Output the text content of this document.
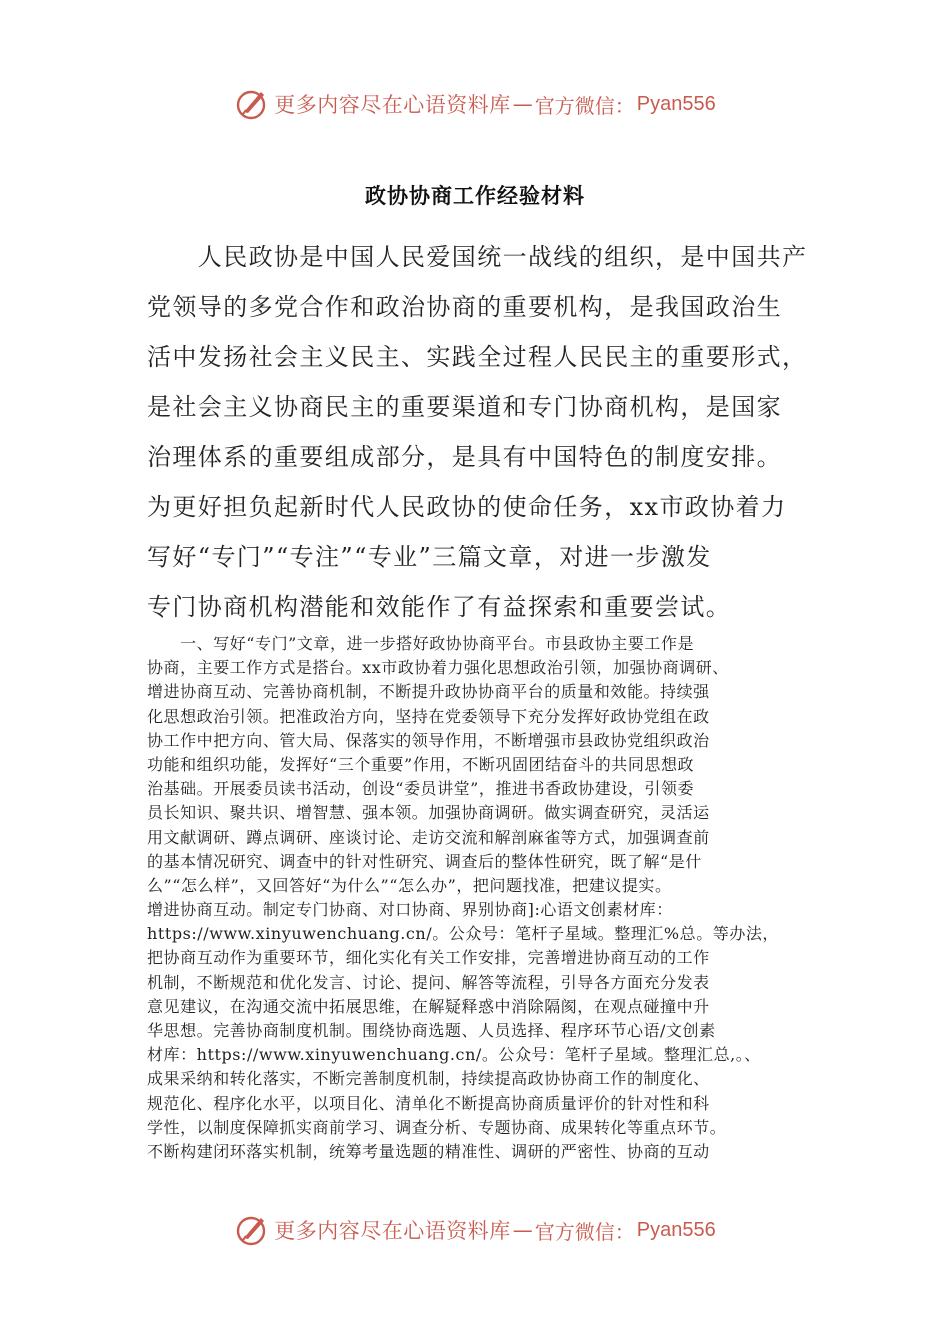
更多内容尽在心语资料库 — 官方微信： Pyan556
政协协商工作经验材料
　　人民政协是中国人民爱国统一战线的组织，是中国共产
党领导的多党合作和政治协商的重要机构，是我国政治生
活中发扬社会主义民主、实践全过程人民民主的重要形式，
是社会主义协商民主的重要渠道和专门协商机构，是国家
治理体系的重要组成部分，是具有中国特色的制度安排。
为更好担负起新时代人民政协的使命任务，xx市政协着力
写好“专门”“专注”“专业”三篇文章，对进一步激发
专门协商机构潜能和效能作了有益探索和重要尝试。
　　一、写好“专门”文章，进一步搭好政协协商平台。市县政协主要工作是
协商，主要工作方式是搭台。xx市政协着力强化思想政治引领，加强协商调研、
增进协商互动、完善协商机制，不断提升政协协商平台的质量和效能。持续强
化思想政治引领。把准政治方向，坚持在党委领导下充分发挥好政协党组在政
协工作中把方向、管大局、保落实的领导作用，不断增强市县政协党组织政治
功能和组织功能，发挥好“三个重要”作用，不断巩固团结奋斗的共同思想政
治基础。开展委员读书活动，创设“委员讲堂”，推进书香政协建设，引领委
员长知识、聚共识、增智慧、强本领。加强协商调研。做实调查研究，灵活运
用文献调研、蹲点调研、座谈讨论、走访交流和解剖麻雀等方式，加强调查前
的基本情况研究、调查中的针对性研究、调查后的整体性研究，既了解“是什
么”“怎么样”，又回答好“为什么”“怎么办”，把问题找准，把建议提实。
增进协商互动。制定专门协商、对口协商、界别协商]:心语文创素材库：
https://www.xinyuwenchuang.cn/。公众号：笔杆子星域。整理汇%总。等办法，
把协商互动作为重要环节，细化实化有关工作安排，完善增进协商互动的工作
机制，不断规范和优化发言、讨论、提问、解答等流程，引导各方面充分发表
意见建议，在沟通交流中拓展思维，在解疑释惑中消除隔阂，在观点碰撞中升
华思想。完善协商制度机制。围绕协商选题、人员选择、程序环节心语/文创素
材库：https://www.xinyuwenchuang.cn/。公众号：笔杆子星域。整理汇总,。、
成果采纳和转化落实，不断完善制度机制，持续提高政协协商工作的制度化、
规范化、程序化水平，以项目化、清单化不断提高协商质量评价的针对性和科
学性，以制度保障抓实商前学习、调查分析、专题协商、成果转化等重点环节。
不断构建闭环落实机制，统筹考量选题的精准性、调研的严密性、协商的互动
更多内容尽在心语资料库 — 官方微信： Pyan556
